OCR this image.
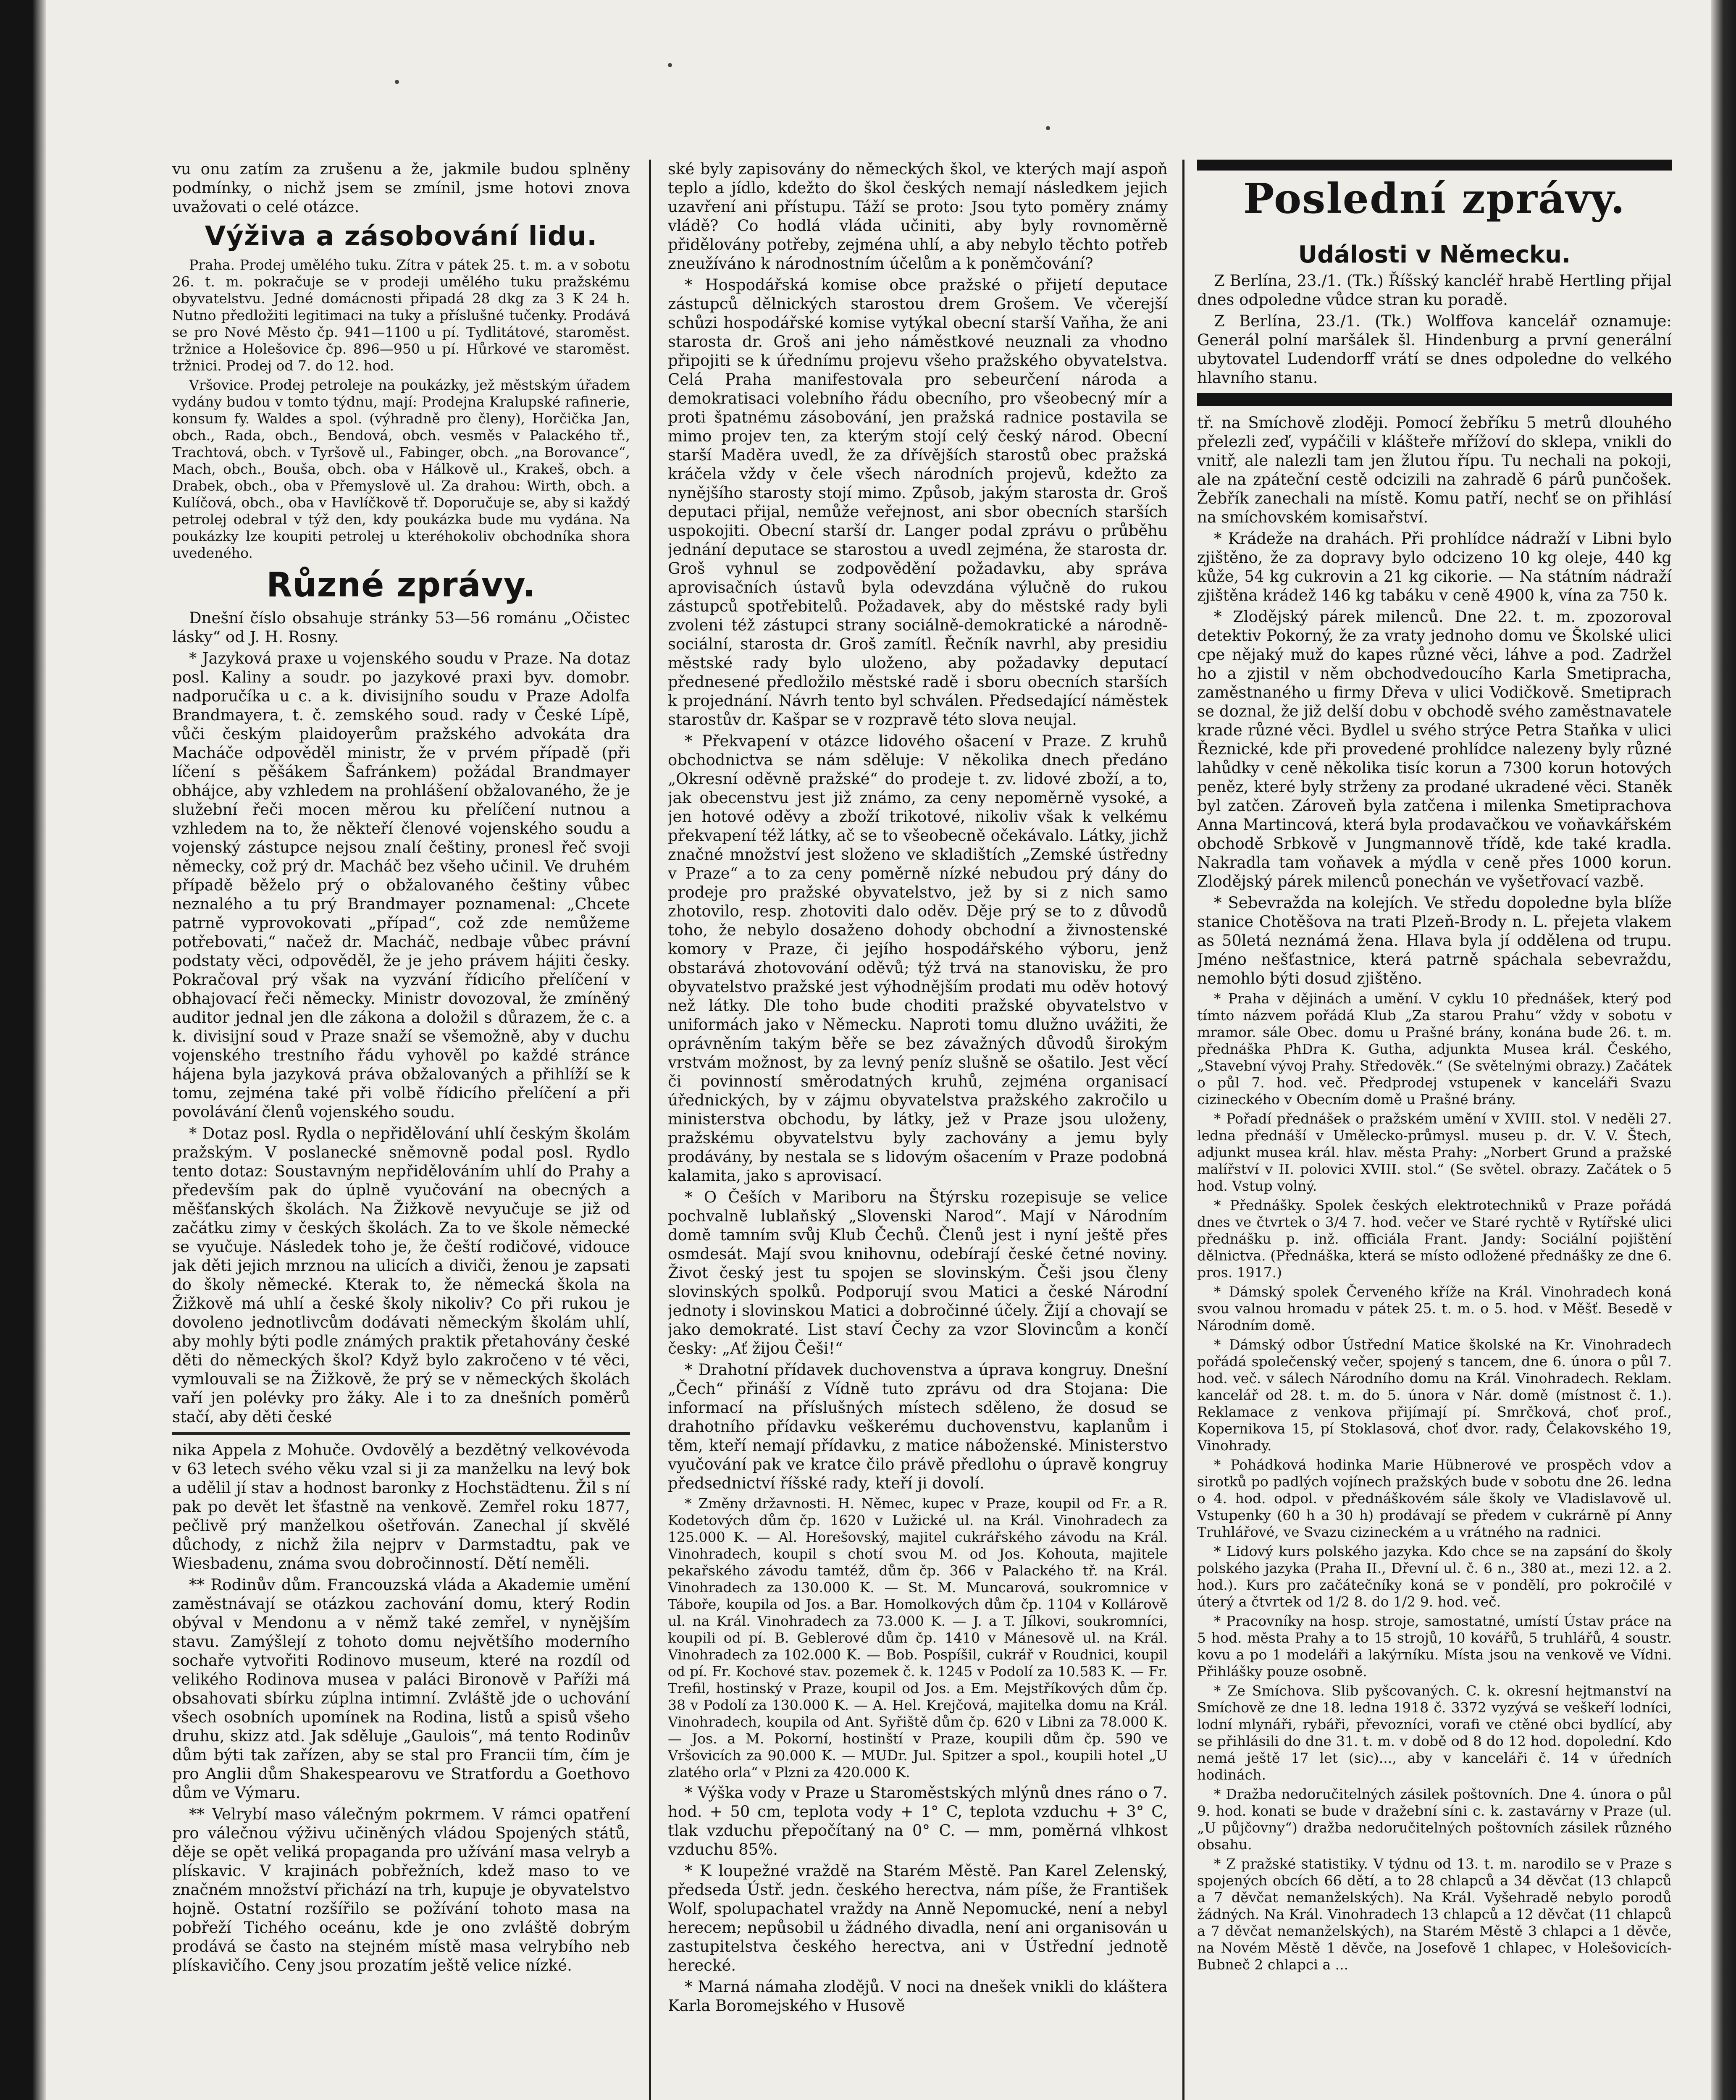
vu onu zatím za zrušenu a že, jakmile budou splněny podmínky, o nichž jsem se zmínil, jsme hotovi znova uvažovati o celé otázce.

Výživa a zásobování lidu.

Praha. Prodej umělého tuku. Zítra v pátek 25. t. m. a v sobotu 26. t. m. pokračuje se v prodeji umělého tuku pražskému obyvatelstvu. Jedné domácnosti připadá 28 dkg za 3 K 24 h. Nutno předložiti legitimaci na tuky a příslušné tučenky. Prodává se pro Nové Město čp. 941—1100 u pí. Tydlitátové, staroměst. tržnice a Holešovice čp. 896—950 u pí. Hůrkové ve staroměst. tržnici. Prodej od 7. do 12. hod.

Vršovice. Prodej petroleje na poukázky, jež městským úřadem vydány budou v tomto týdnu, mají: Prodejna Kralupské rafinerie, konsum fy. Waldes a spol. (výhradně pro členy), Horčička Jan, obch., Rada, obch., Bendová, obch. vesměs v Palackého tř., Trachtová, obch. v Tyršově ul., Fabinger, obch. „na Borovance“, Mach, obch., Bouša, obch. oba v Hálkově ul., Krakeš, obch. a Drabek, obch., oba v Přemyslově ul. Za drahou: Wirth, obch. a Kulíčová, obch., oba v Havlíčkově tř. Doporučuje se, aby si každý petrolej odebral v týž den, kdy poukázka bude mu vydána. Na poukázky lze koupiti petrolej u kteréhokoliv obchodníka shora uvedeného.

Různé zprávy.

Dnešní číslo obsahuje stránky 53—56 románu „Očistec lásky“ od J. H. Rosny.

* Jazyková praxe u vojenského soudu v Praze. Na dotaz posl. Kaliny a soudr. po jazykové praxi byv. domobr. nadporučíka u c. a k. divisijního soudu v Praze Adolfa Brandmayera, t. č. zemského soud. rady v České Lípě, vůči českým plaidoyerům pražského advokáta dra Macháče odpověděl ministr, že v prvém případě (při líčení s pěšákem Šafránkem) požádal Brandmayer obhájce, aby vzhledem na prohlášení obžalovaného, že je služební řeči mocen měrou ku přelíčení nutnou a vzhledem na to, že někteří členové vojenského soudu a vojenský zástupce nejsou znalí češtiny, pronesl řeč svoji německy, což prý dr. Macháč bez všeho učinil. Ve druhém případě běželo prý o obžalovaného češtiny vůbec neznalého a tu prý Brandmayer poznamenal: „Chcete patrně vyprovokovati „případ“, což zde nemůžeme potřebovati,“ načež dr. Macháč, nedbaje vůbec právní podstaty věci, odpověděl, že je jeho právem hájiti česky. Pokračoval prý však na vyzvání řídicího přelíčení v obhajovací řeči německy. Ministr dovozoval, že zmíněný auditor jednal jen dle zákona a doložil s důrazem, že c. a k. divisijní soud v Praze snaží se všemožně, aby v duchu vojenského trestního řádu vyhověl po každé stránce hájena byla jazyková práva obžalovaných a přihlíží se k tomu, zejména také při volbě řídicího přelíčení a při povolávání členů vojenského soudu.

* Dotaz posl. Rydla o nepřidělování uhlí českým školám pražským. V poslanecké sněmovně podal posl. Rydlo tento dotaz: Soustavným nepřidělováním uhlí do Prahy a především pak do úplně vyučování na obecných a měšťanských školách. Na Žižkově nevyučuje se již od začátku zimy v českých školách. Za to ve škole německé se vyučuje. Následek toho je, že čeští rodičové, vidouce jak děti jejich mrznou na ulicích a diviči, ženou je zapsati do školy německé. Kterak to, že německá škola na Žižkově má uhlí a české školy nikoliv? Co při rukou je dovoleno jednotlivcům dodávati německým školám uhlí, aby mohly býti podle známých praktik přetahovány české děti do německých škol? Když bylo zakročeno v té věci, vymlouvali se na Žižkově, že prý se v německých školách vaří jen polévky pro žáky. Ale i to za dnešních poměrů stačí, aby děti české

nika Appela z Mohuče. Ovdovělý a bezdětný velkovévoda v 63 letech svého věku vzal si ji za manželku na levý bok a udělil jí stav a hodnost baronky z Hochstädtenu. Žil s ní pak po devět let šťastně na venkově. Zemřel roku 1877, pečlivě prý manželkou ošetřován. Zanechal jí skvělé důchody, z nichž žila nejprv v Darmstadtu, pak ve Wiesbadenu, známa svou dobročinností. Dětí neměli.

** Rodinův dům. Francouzská vláda a Akademie umění zaměstnávají se otázkou zachování domu, který Rodin obýval v Mendonu a v němž také zemřel, v nynějším stavu. Zamýšlejí z tohoto domu největšího moderního sochaře vytvořiti Rodinovo museum, které na rozdíl od velikého Rodinova musea v paláci Bironově v Paříži má obsahovati sbírku zúplna intimní. Zvláště jde o uchování všech osobních upomínek na Rodina, listů a spisů všeho druhu, skizz atd. Jak sděluje „Gaulois“, má tento Rodinův dům býti tak zařízen, aby se stal pro Francii tím, čím je pro Anglii dům Shakespearovu ve Stratfordu a Goethovo dům ve Výmaru.

** Velrybí maso válečným pokrmem. V rámci opatření pro válečnou výživu učiněných vládou Spojených států, děje se opět veliká propaganda pro užívání masa velryb a plískavic. V krajinách pobřežních, kdež maso to ve značném množství přichází na trh, kupuje je obyvatelstvo hojně. Ostatní rozšířilo se požívání tohoto masa na pobřeží Tichého oceánu, kde je ono zvláště dobrým prodává se často na stejném místě masa velrybího neb plískavičího. Ceny jsou prozatím ještě velice nízké.

ské byly zapisovány do německých škol, ve kterých mají aspoň teplo a jídlo, kdežto do škol českých nemají následkem jejich uzavření ani přístupu. Táží se proto: Jsou tyto poměry známy vládě? Co hodlá vláda učiniti, aby byly rovnoměrně přidělovány potřeby, zejména uhlí, a aby nebylo těchto potřeb zneužíváno k národnostním účelům a k poněmčování?

* Hospodářská komise obce pražské o přijetí deputace zástupců dělnických starostou drem Grošem. Ve včerejší schůzi hospodářské komise vytýkal obecní starší Vaňha, že ani starosta dr. Groš ani jeho náměstkové neuznali za vhodno připojiti se k úřednímu projevu všeho pražského obyvatelstva. Celá Praha manifestovala pro sebeurčení národa a demokratisaci volebního řádu obecního, pro všeobecný mír a proti špatnému zásobování, jen pražská radnice postavila se mimo projev ten, za kterým stojí celý český národ. Obecní starší Maděra uvedl, že za dřívějších starostů obec pražská kráčela vždy v čele všech národních projevů, kdežto za nynějšího starosty stojí mimo. Způsob, jakým starosta dr. Groš deputaci přijal, nemůže veřejnost, ani sbor obecních starších uspokojiti. Obecní starší dr. Langer podal zprávu o průběhu jednání deputace se starostou a uvedl zejména, že starosta dr. Groš vyhnul se zodpovědění požadavku, aby správa aprovisačních ústavů byla odevzdána výlučně do rukou zástupců spotřebitelů. Požadavek, aby do městské rady byli zvoleni též zástupci strany sociálně-demokratické a národně-sociální, starosta dr. Groš zamítl. Řečník navrhl, aby presidiu městské rady bylo uloženo, aby požadavky deputací přednesené předložilo městské radě i sboru obecních starších k projednání. Návrh tento byl schválen. Předsedající náměstek starostův dr. Kašpar se v rozpravě této slova neujal.

* Překvapení v otázce lidového ošacení v Praze. Z kruhů obchodnictva se nám sděluje: V několika dnech předáno „Okresní oděvně pražské“ do prodeje t. zv. lidové zboží, a to, jak obecenstvu jest již známo, za ceny nepoměrně vysoké, a jen hotové oděvy a zboží trikotové, nikoliv však k velkému překvapení též látky, ač se to všeobecně očekávalo. Látky, jichž značné množství jest složeno ve skladištích „Zemské ústředny v Praze“ a to za ceny poměrně nízké nebudou prý dány do prodeje pro pražské obyvatelstvo, jež by si z nich samo zhotovilo, resp. zhotoviti dalo oděv. Děje prý se to z důvodů toho, že nebylo dosaženo dohody obchodní a živnostenské komory v Praze, či jejího hospodářského výboru, jenž obstarává zhotovování oděvů; týž trvá na stanovisku, že pro obyvatelstvo pražské jest výhodnějším prodati mu oděv hotový než látky. Dle toho bude choditi pražské obyvatelstvo v uniformách jako v Německu. Naproti tomu dlužno uvážiti, že oprávněním takým běře se bez závažných důvodů širokým vrstvám možnost, by za levný peníz slušně se ošatilo. Jest věcí či povinností směrodatných kruhů, zejména organisací úřednických, by v zájmu obyvatelstva pražského zakročilo u ministerstva obchodu, by látky, jež v Praze jsou uloženy, pražskému obyvatelstvu byly zachovány a jemu byly prodávány, by nestala se s lidovým ošacením v Praze podobná kalamita, jako s aprovisací.

* O Češích v Mariboru na Štýrsku rozepisuje se velice pochvalně lublaňský „Slovenski Narod“. Mají v Národním domě tamním svůj Klub Čechů. Členů jest i nyní ještě přes osmdesát. Mají svou knihovnu, odebírají české četné noviny. Život český jest tu spojen se slovinským. Češi jsou členy slovinských spolků. Podporují svou Matici a české Národní jednoty i slovinskou Matici a dobročinné účely. Žijí a chovají se jako demokraté. List staví Čechy za vzor Slovincům a končí česky: „Ať žijou Češi!“

* Drahotní přídavek duchovenstva a úprava kongruy. Dnešní „Čech“ přináší z Vídně tuto zprávu od dra Stojana: Die informací na příslušných místech sděleno, že dosud se drahotního přídavku veškerému duchovenstvu, kaplanům i těm, kteří nemají přídavku, z matice náboženské. Ministerstvo vyučování pak ve kratce čilo právě předlohu o úpravě kongruy předsednictví říšské rady, kteří ji dovolí.

* Změny državnosti. H. Němec, kupec v Praze, koupil od Fr. a R. Kodetových dům čp. 1620 v Lužické ul. na Král. Vinohradech za 125.000 K. — Al. Horešovský, majitel cukrářského závodu na Král. Vinohradech, koupil s chotí svou M. od Jos. Kohouta, majitele pekařského závodu tamtéž, dům čp. 366 v Palackého tř. na Král. Vinohradech za 130.000 K. — St. M. Muncarová, soukromnice v Táboře, koupila od Jos. a Bar. Homolkových dům čp. 1104 v Kollárově ul. na Král. Vinohradech za 73.000 K. — J. a T. Jílkovi, soukromníci, koupili od pí. B. Geblerové dům čp. 1410 v Mánesově ul. na Král. Vinohradech za 102.000 K. — Bob. Pospíšil, cukrář v Roudnici, koupil od pí. Fr. Kochové stav. pozemek č. k. 1245 v Podolí za 10.583 K. — Fr. Trefil, hostinský v Praze, koupil od Jos. a Em. Mejstříkových dům čp. 38 v Podolí za 130.000 K. — A. Hel. Krejčová, majitelka domu na Král. Vinohradech, koupila od Ant. Syřiště dům čp. 620 v Libni za 78.000 K. — Jos. a M. Pokorní, hostinští v Praze, koupili dům čp. 590 ve Vršovicích za 90.000 K. — MUDr. Jul. Spitzer a spol., koupili hotel „U zlatého orla“ v Plzni za 420.000 K.

* Výška vody v Praze u Staroměstských mlýnů dnes ráno o 7. hod. + 50 cm, teplota vody + 1° C, teplota vzduchu + 3° C, tlak vzduchu přepočítaný na 0° C. — mm, poměrná vlhkost vzduchu 85%.

* K loupežné vraždě na Starém Městě. Pan Karel Zelenský, předseda Ústř. jedn. českého herectva, nám píše, že František Wolf, spolupachatel vraždy na Anně Nepomucké, není a nebyl herecem; nepůsobil u žádného divadla, není ani organisován u zastupitelstva českého herectva, ani v Ústřední jednotě herecké.

* Marná námaha zlodějů. V noci na dnešek vnikli do kláštera Karla Boromejského v Husově

Poslední zprávy.
Události v Německu.

Z Berlína, 23./1. (Tk.) Říšský kancléř hrabě Hertling přijal dnes odpoledne vůdce stran ku poradě.

Z Berlína, 23./1. (Tk.) Wolffova kancelář oznamuje: Generál polní maršálek šl. Hindenburg a první generální ubytovatel Ludendorff vrátí se dnes odpoledne do velkého hlavního stanu.

tř. na Smíchově zloději. Pomocí žebříku 5 metrů dlouhého přelezli zeď, vypáčili v klášteře mřížoví do sklepa, vnikli do vnitř, ale nalezli tam jen žlutou řípu. Tu nechali na pokoji, ale na zpáteční cestě odcizili na zahradě 6 párů punčošek. Žebřík zanechali na místě. Komu patří, nechť se on přihlásí na smíchovském komisařství.

* Krádeže na drahách. Při prohlídce nádraží v Libni bylo zjištěno, že za dopravy bylo odcizeno 10 kg oleje, 440 kg kůže, 54 kg cukrovin a 21 kg cikorie. — Na státním nádraží zjištěna krádež 146 kg tabáku v ceně 4900 k, vína za 750 k.

* Zlodějský párek milenců. Dne 22. t. m. zpozoroval detektiv Pokorný, že za vraty jednoho domu ve Školské ulici cpe nějaký muž do kapes různé věci, láhve a pod. Zadržel ho a zjistil v něm obchodvedoucího Karla Smetipracha, zaměstnaného u firmy Dřeva v ulici Vodičkově. Smetiprach se doznal, že již delší dobu v obchodě svého zaměstnavatele krade různé věci. Bydlel u svého strýce Petra Staňka v ulici Řeznické, kde při provedené prohlídce nalezeny byly různé lahůdky v ceně několika tisíc korun a 7300 korun hotových peněz, které byly strženy za prodané ukradené věci. Staněk byl zatčen. Zároveň byla zatčena i milenka Smetiprachova Anna Martincová, která byla prodavačkou ve voňavkářském obchodě Srbkově v Jungmannově třídě, kde také kradla. Nakradla tam voňavek a mýdla v ceně přes 1000 korun. Zlodějský párek milenců ponechán ve vyšetřovací vazbě.

* Sebevražda na kolejích. Ve středu dopoledne byla blíže stanice Chotěšova na trati Plzeň-Brody n. L. přejeta vlakem as 50letá neznámá žena. Hlava byla jí oddělena od trupu. Jméno nešťastnice, která patrně spáchala sebevraždu, nemohlo býti dosud zjištěno.

* Praha v dějinách a umění. V cyklu 10 přednášek, který pod tímto názvem pořádá Klub „Za starou Prahu“ vždy v sobotu v mramor. sále Obec. domu u Prašné brány, konána bude 26. t. m. přednáška PhDra K. Gutha, adjunkta Musea král. Českého, „Stavební vývoj Prahy. Středověk.“ (Se světelnými obrazy.) Začátek o půl 7. hod. več. Předprodej vstupenek v kanceláři Svazu cizineckého v Obecním domě u Prašné brány.

* Pořadí přednášek o pražském umění v XVIII. stol. V neděli 27. ledna přednáší v Umělecko-průmysl. museu p. dr. V. V. Štech, adjunkt musea král. hlav. města Prahy: „Norbert Grund a pražské malířství v II. polovici XVIII. stol.“ (Se světel. obrazy. Začátek o 5 hod. Vstup volný.

* Přednášky. Spolek českých elektrotechniků v Praze pořádá dnes ve čtvrtek o 3/4 7. hod. večer ve Staré rychtě v Rytířské ulici přednášku p. inž. officiála Frant. Jandy: Sociální pojištění dělnictva. (Přednáška, která se místo odložené přednášky ze dne 6. pros. 1917.)

* Dámský spolek Červeného kříže na Král. Vinohradech koná svou valnou hromadu v pátek 25. t. m. o 5. hod. v Měšť. Besedě v Národním domě.

* Dámský odbor Ústřední Matice školské na Kr. Vinohradech pořádá společenský večer, spojený s tancem, dne 6. února o půl 7. hod. več. v sálech Národního domu na Král. Vinohradech. Reklam. kancelář od 28. t. m. do 5. února v Nár. domě (místnost č. 1.). Reklamace z venkova přijímají pí. Smrčková, choť prof., Kopernikova 15, pí Stoklasová, choť dvor. rady, Čelakovského 19, Vinohrady.

* Pohádková hodinka Marie Hübnerové ve prospěch vdov a sirotků po padlých vojínech pražských bude v sobotu dne 26. ledna o 4. hod. odpol. v přednáškovém sále školy ve Vladislavově ul. Vstupenky (60 h a 30 h) prodávají se předem v cukrárně pí Anny Truhlářové, ve Svazu cizineckém a u vrátného na radnici.

* Lidový kurs polského jazyka. Kdo chce se na zapsání do školy polského jazyka (Praha II., Dřevní ul. č. 6 n., 380 at., mezi 12. a 2. hod.). Kurs pro začátečníky koná se v pondělí, pro pokročilé v úterý a čtvrtek od 1/2 8. do 1/2 9. hod. več.

* Pracovníky na hosp. stroje, samostatné, umístí Ústav práce na 5 hod. města Prahy a to 15 strojů, 10 kovářů, 5 truhlářů, 4 soustr. kovu a po 1 modeláři a lakýrníku. Místa jsou na venkově ve Vídni. Přihlášky pouze osobně.

* Ze Smíchova. Slib pyšcovaných. C. k. okresní hejtmanství na Smíchově ze dne 18. ledna 1918 č. 3372 vyzývá se veškeří lodníci, lodní mlynáři, rybáři, převozníci, vorafi ve ctěné obci bydlící, aby se přihlásili do dne 31. t. m. v době od 8 do 12 hod. dopolední. Kdo nemá ještě 17 let (sic)..., aby v kanceláři č. 14 v úředních hodinách.

* Dražba nedoručitelných zásilek poštovních. Dne 4. února o půl 9. hod. konati se bude v dražební síni c. k. zastavárny v Praze (ul. „U půjčovny“) dražba nedoručitelných poštovních zásilek různého obsahu.

* Z pražské statistiky. V týdnu od 13. t. m. narodilo se v Praze s spojených obcích 66 dětí, a to 28 chlapců a 34 děvčat (13 chlapců a 7 děvčat nemanželských). Na Král. Vyšehradě nebylo porodů žádných. Na Král. Vinohradech 13 chlapců a 12 děvčat (11 chlapců a 7 děvčat nemanželských), na Starém Městě 3 chlapci a 1 děvče, na Novém Městě 1 děvče, na Josefově 1 chlapec, v Holešovicích-Bubneč 2 chlapci a ...
